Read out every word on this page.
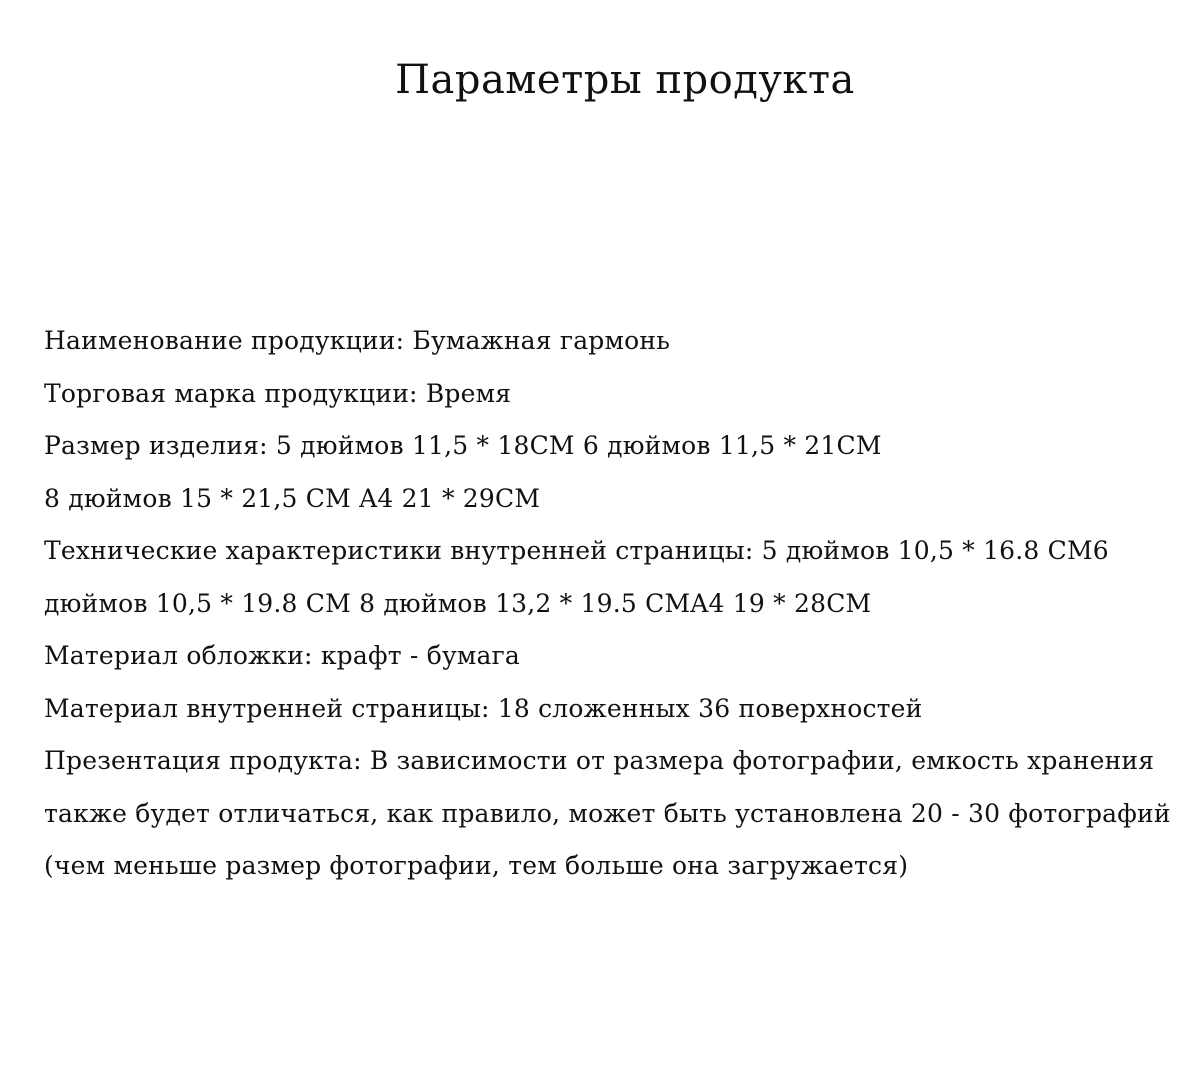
Параметры продукта
Наименование продукции: Бумажная гармонь
Торговая марка продукции: Время
Размер изделия: 5 дюймов 11,5 * 18CM 6 дюймов 11,5 * 21CM
8 дюймов 15 * 21,5 CM A4 21 * 29CM
Технические характеристики внутренней страницы: 5 дюймов 10,5 * 16.8 CM6
дюймов 10,5 * 19.8 CM 8 дюймов 13,2 * 19.5 CMA4 19 * 28CM
Материал обложки: крафт - бумага
Материал внутренней страницы: 18 сложенных 36 поверхностей
Презентация продукта: В зависимости от размера фотографии, емкость хранения
также будет отличаться, как правило, может быть установлена 20 - 30 фотографий
(чем меньше размер фотографии, тем больше она загружается)
